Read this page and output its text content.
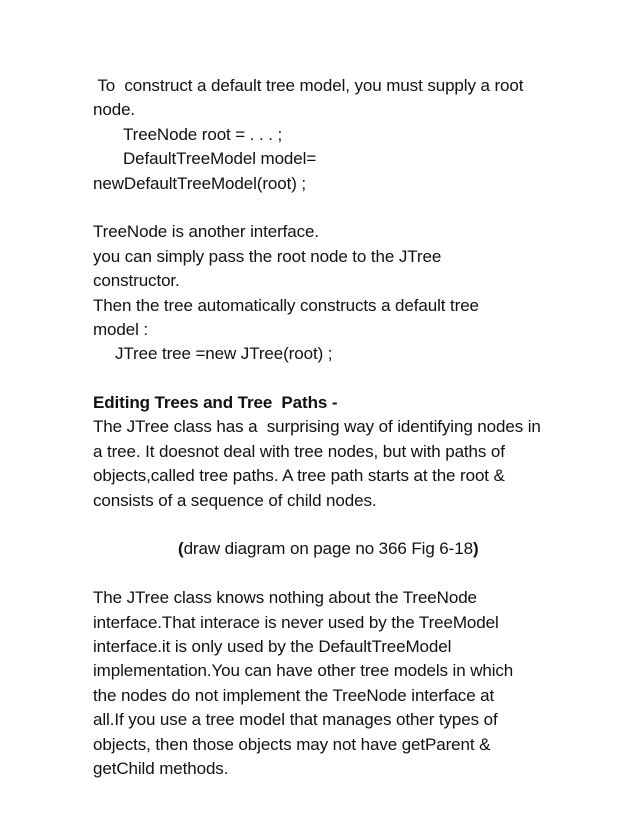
To  construct a default tree model, you must supply a root
node.
TreeNode root = . . . ;
DefaultTreeModel model=
newDefaultTreeModel(root) ;
TreeNode is another interface.
you can simply pass the root node to the JTree
constructor.
Then the tree automatically constructs a default tree
model :
JTree tree =new JTree(root) ;
Editing Trees and Tree  Paths -
The JTree class has a  surprising way of identifying nodes in
a tree. It doesnot deal with tree nodes, but with paths of
objects,called tree paths. A tree path starts at the root &
consists of a sequence of child nodes.
(draw diagram on page no 366 Fig 6-18)
The JTree class knows nothing about the TreeNode
interface.That interace is never used by the TreeModel
interface.it is only used by the DefaultTreeModel
implementation.You can have other tree models in which
the nodes do not implement the TreeNode interface at
all.If you use a tree model that manages other types of
objects, then those objects may not have getParent &
getChild methods.
